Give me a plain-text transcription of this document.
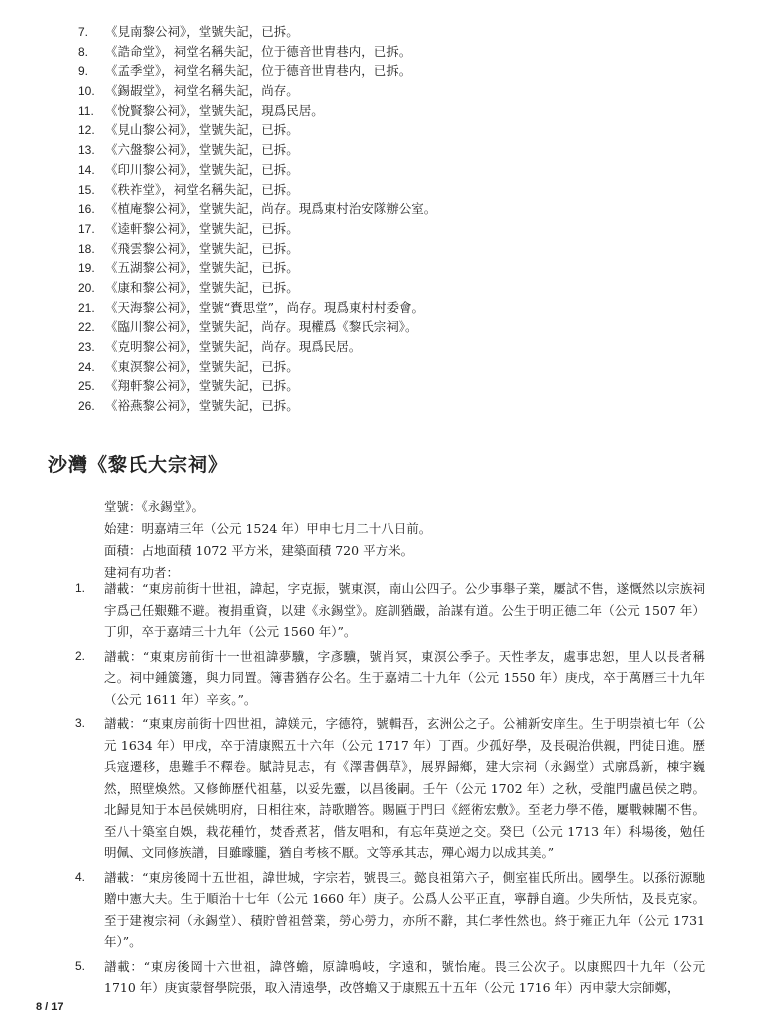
7. 《見南黎公祠》，堂號失記，已拆。
8. 《誥命堂》，祠堂名稱失記，位于德音世胄巷内，已拆。
9. 《孟季堂》，祠堂名稱失記，位于德音世胄巷内，已拆。
10. 《錫嘏堂》，祠堂名稱失記，尚存。
11. 《悅賢黎公祠》，堂號失記，現爲民居。
12. 《見山黎公祠》，堂號失記，已拆。
13. 《六盤黎公祠》，堂號失記，已拆。
14. 《印川黎公祠》，堂號失記，已拆。
15. 《秩祚堂》，祠堂名稱失記，已拆。
16. 《植庵黎公祠》，堂號失記，尚存。現爲東村治安隊辦公室。
17. 《逵軒黎公祠》，堂號失記，已拆。
18. 《飛雲黎公祠》，堂號失記，已拆。
19. 《五湖黎公祠》，堂號失記，已拆。
20. 《康和黎公祠》，堂號失記，已拆。
21. 《天海黎公祠》，堂號“賚思堂”，尚存。現爲東村村委會。
22. 《臨川黎公祠》，堂號失記，尚存。現權爲《黎氏宗祠》。
23. 《克明黎公祠》，堂號失記，尚存。現爲民居。
24. 《東溟黎公祠》，堂號失記，已拆。
25. 《翔軒黎公祠》，堂號失記，已拆。
26. 《裕燕黎公祠》，堂號失記，已拆。
沙灣《黎氏大宗祠》
堂號：《永錫堂》。
始建：明嘉靖三年（公元 1524 年）甲申七月二十八日前。
面積：占地面積 1072 平方米，建築面積 720 平方米。
建祠有功者：
1. 譜載：“東房前街十世祖，諱起，字克振，號東溟，南山公四子。公少事舉子業，屢試不售，遂慨然以宗族祠宇爲己任艱難不避。複捐重資，以建《永錫堂》。庭訓猶嚴，詒謀有道。公生于明正德二年（公元 1507 年）丁卯，卒于嘉靖三十九年（公元 1560 年）”。
2. 譜載：“東東房前街十一世祖諱夢驥，字彥驥，號肖冥，東溟公季子。天性孝友，處事忠恕，里人以長者稱之。祠中鍾簴籩，與力同置。簿書猶存公名。生于嘉靖二十九年（公元 1550 年）庚戌，卒于萬曆三十九年（公元 1611 年）辛亥。”。
3. 譜載：“東東房前街十四世祖，諱媄元，字德符，號輯吾，玄洲公之子。公補新安庠生。生于明崇禎七年（公元 1634 年）甲戌，卒于清康熙五十六年（公元 1717 年）丁酉。少孤好學，及長硯治供親，門徒日進。歷兵寇遷移，患難手不釋卷。賦詩見志，有《澤書偶草》，展界歸鄉，建大宗祠（永錫堂）式廓爲新，棟宇巍然，照壁煥然。又修飾歷代祖墓，以妥先靈，以昌後嗣。壬午（公元 1702 年）之秋，受龍門盧邑侯之聘。北歸見知于本邑侯姚明府，日相往來，詩歌贈答。賜匾于門曰《經術宏敷》。至老力學不倦，屢戰棘闈不售。至八十築室自娛，栽花種竹，焚香煮茗，偕友唱和，有忘年莫逆之交。癸巳（公元 1713 年）科場後，勉任明佩、文同修族譜，目雖曚朧，猶自考核不厭。文等承其志，殫心竭力以成其美。”
4. 譜載：“東房後岡十五世祖，諱世城，字宗若，號畏三。懿良祖第六子，側室崔氏所出。國學生。以孫衍源馳贈中憲大夫。生于順治十七年（公元 1660 年）庚子。公爲人公平正直，寧靜自適。少失所怙，及長克家。至于建複宗祠（永錫堂）、積貯曾祖營業，勞心勞力，亦所不辭，其仁孝性然也。終于雍正九年（公元 1731 年）”。
5. 譜載：“東房後岡十六世祖，諱啓蟾，原諱鳴岐，字遠和，號怡庵。畏三公次子。以康熙四十九年（公元 1710 年）庚寅蒙督學院張，取入清遠學，改啓蟾又于康熙五十五年（公元 1716 年）丙申蒙大宗師鄭，
8 / 17
